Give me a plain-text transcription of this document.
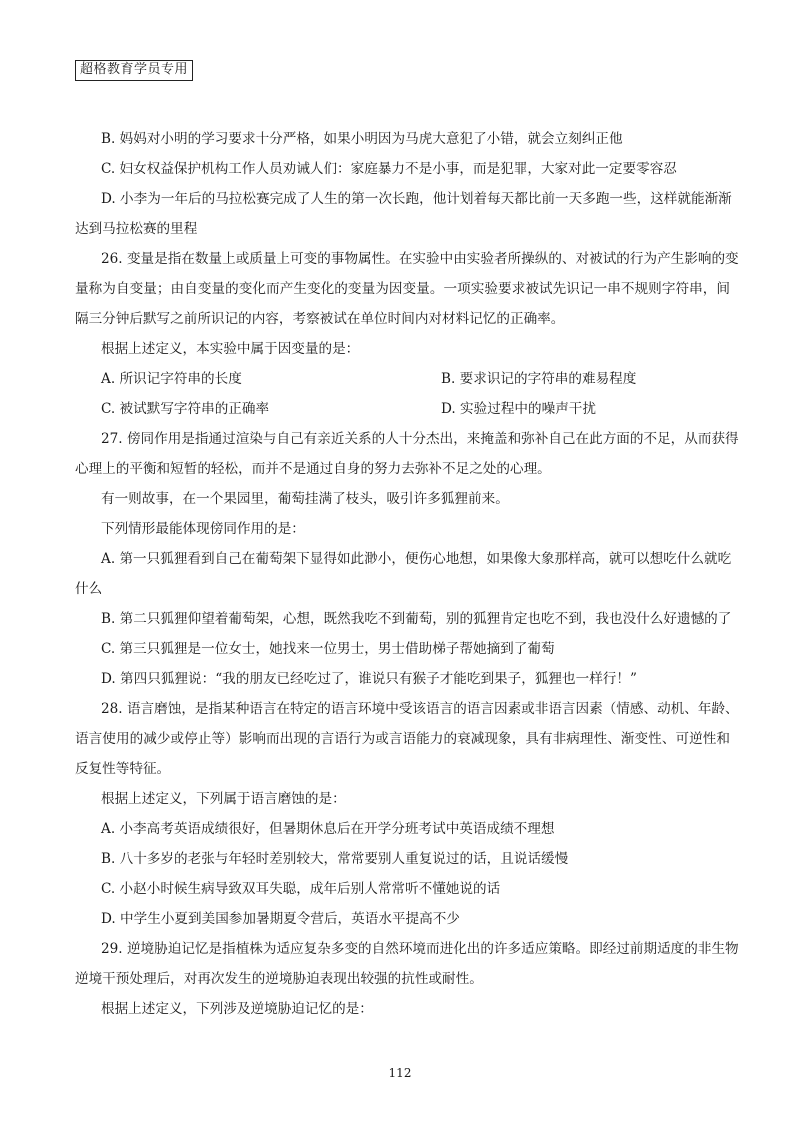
超格教育学员专用
B. 妈妈对小明的学习要求十分严格，如果小明因为马虎大意犯了小错，就会立刻纠正他
C. 妇女权益保护机构工作人员劝诫人们：家庭暴力不是小事，而是犯罪，大家对此一定要零容忍
D. 小李为一年后的马拉松赛完成了人生的第一次长跑，他计划着每天都比前一天多跑一些，这样就能渐渐
达到马拉松赛的里程
26. 变量是指在数量上或质量上可变的事物属性。在实验中由实验者所操纵的、对被试的行为产生影响的变
量称为自变量；由自变量的变化而产生变化的变量为因变量。一项实验要求被试先识记一串不规则字符串，间
隔三分钟后默写之前所识记的内容，考察被试在单位时间内对材料记忆的正确率。
根据上述定义，本实验中属于因变量的是：
A. 所识记字符串的长度	B. 要求识记的字符串的难易程度
C. 被试默写字符串的正确率	D. 实验过程中的噪声干扰
27. 傍同作用是指通过渲染与自己有亲近关系的人十分杰出，来掩盖和弥补自己在此方面的不足，从而获得
心理上的平衡和短暂的轻松，而并不是通过自身的努力去弥补不足之处的心理。
有一则故事，在一个果园里，葡萄挂满了枝头，吸引许多狐狸前来。
下列情形最能体现傍同作用的是：
A. 第一只狐狸看到自己在葡萄架下显得如此渺小，便伤心地想，如果像大象那样高，就可以想吃什么就吃
什么
B. 第二只狐狸仰望着葡萄架，心想，既然我吃不到葡萄，别的狐狸肯定也吃不到，我也没什么好遗憾的了
C. 第三只狐狸是一位女士，她找来一位男士，男士借助梯子帮她摘到了葡萄
D. 第四只狐狸说：“我的朋友已经吃过了，谁说只有猴子才能吃到果子，狐狸也一样行！”
28. 语言磨蚀，是指某种语言在特定的语言环境中受该语言的语言因素或非语言因素（情感、动机、年龄、
语言使用的减少或停止等）影响而出现的言语行为或言语能力的衰减现象，具有非病理性、渐变性、可逆性和
反复性等特征。
根据上述定义，下列属于语言磨蚀的是：
A. 小李高考英语成绩很好，但暑期休息后在开学分班考试中英语成绩不理想
B. 八十多岁的老张与年轻时差别较大，常常要别人重复说过的话，且说话缓慢
C. 小赵小时候生病导致双耳失聪，成年后别人常常听不懂她说的话
D. 中学生小夏到美国参加暑期夏令营后，英语水平提高不少
29. 逆境胁迫记忆是指植株为适应复杂多变的自然环境而进化出的许多适应策略。即经过前期适度的非生物
逆境干预处理后，对再次发生的逆境胁迫表现出较强的抗性或耐性。
根据上述定义，下列涉及逆境胁迫记忆的是：
112
